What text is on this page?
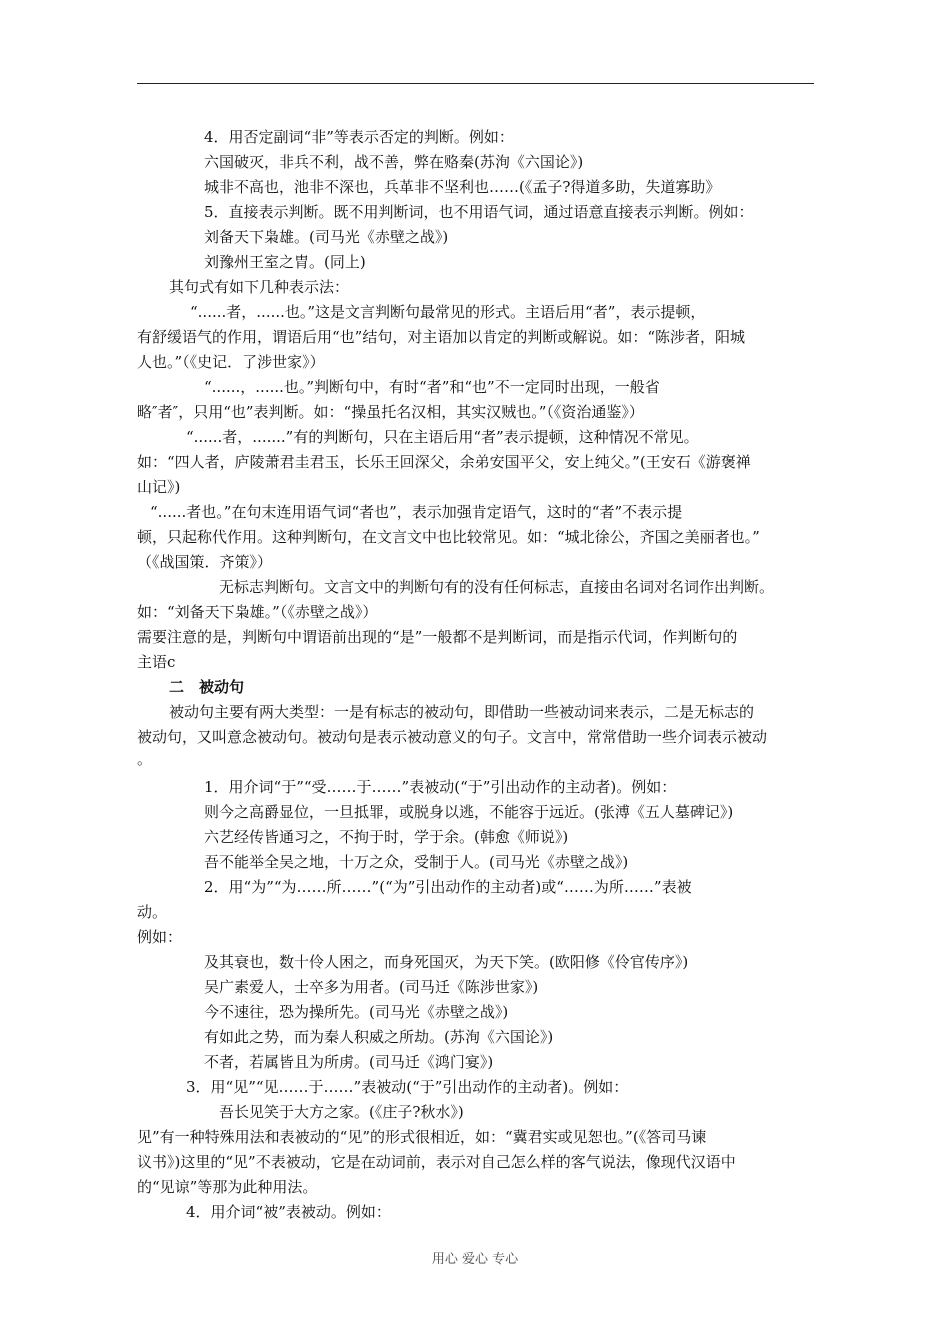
4．用否定副词“非”等表示否定的判断。例如：
六国破灭，非兵不利，战不善，弊在赂秦(苏洵《六国论》)
城非不高也，池非不深也，兵革非不坚利也……(《孟子?得道多助，失道寡助》
5．直接表示判断。既不用判断词，也不用语气词，通过语意直接表示判断。例如：
刘备天下枭雄。(司马光《赤壁之战》)
刘豫州王室之胄。(同上)
其句式有如下几种表示法：
“......者，......也。”这是文言判断句最常见的形式。主语后用“者”，表示提顿，
有舒缓语气的作用，谓语后用“也”结句，对主语加以肯定的判断或解说。如：“陈涉者，阳城
人也。”（《史记．了涉世家》）
“......，......也。”判断句中，有时“者”和“也”不一定同时出现，一般省
略″者″，只用“也”表判断。如：“操虽托名汉相，其实汉贼也。”（《资治通鉴》）
“......者，.......”有的判断句，只在主语后用“者”表示提顿，这种情况不常见。
如：“四人者，庐陵萧君圭君玉，长乐王回深父，余弟安国平父，安上纯父。”(王安石《游褒禅
山记》)
“......者也。”在句末连用语气词“者也”，表示加强肯定语气，这时的“者”不表示提
顿，只起称代作用。这种判断句，在文言文中也比较常见。如：“城北徐公，齐国之美丽者也。”
（《战国策．齐策》）
无标志判断句。文言文中的判断句有的没有任何标志，直接由名词对名词作出判断。
如：“刘备天下枭雄。”（《赤壁之战》）
需要注意的是，判断句中谓语前出现的“是”一般都不是判断词，而是指示代词，作判断句的
主语c
二　被动句
被动句主要有两大类型：一是有标志的被动句，即借助一些被动词来表示，二是无标志的
被动句，又叫意念被动句。被动句是表示被动意义的句子。文言中，常常借助一些介词表示被动
。
1．用介词“于”“受……于……”表被动(“于”引出动作的主动者)。例如：
则今之高爵显位，一旦抵罪，或脱身以逃，不能容于远近。(张溥《五人墓碑记》)
六艺经传皆通习之，不拘于时，学于余。(韩愈《师说》)
吾不能举全吴之地，十万之众，受制于人。(司马光《赤壁之战》)
2．用“为”“为……所……”(“为”引出动作的主动者)或“……为所……”表被
动。
例如：
及其衰也，数十伶人困之，而身死国灭，为天下笑。(欧阳修《伶官传序》)
吴广素爱人，士卒多为用者。(司马迁《陈涉世家》)
今不速往，恐为操所先。(司马光《赤壁之战》)
有如此之势，而为秦人积威之所劫。(苏洵《六国论》)
不者，若属皆且为所虏。(司马迁《鸿门宴》)
3．用“见”“见……于……”表被动(“于”引出动作的主动者)。例如：
吾长见笑于大方之家。(《庄子?秋水》)
见”有一种特殊用法和表被动的“见”的形式很相近，如：“冀君实或见恕也。”(《答司马谏
议书》)这里的“见”不表被动，它是在动词前，表示对自己怎么样的客气说法，像现代汉语中
的“见谅”等那为此种用法。
4．用介词“被”表被动。例如：
用心 爱心 专心
